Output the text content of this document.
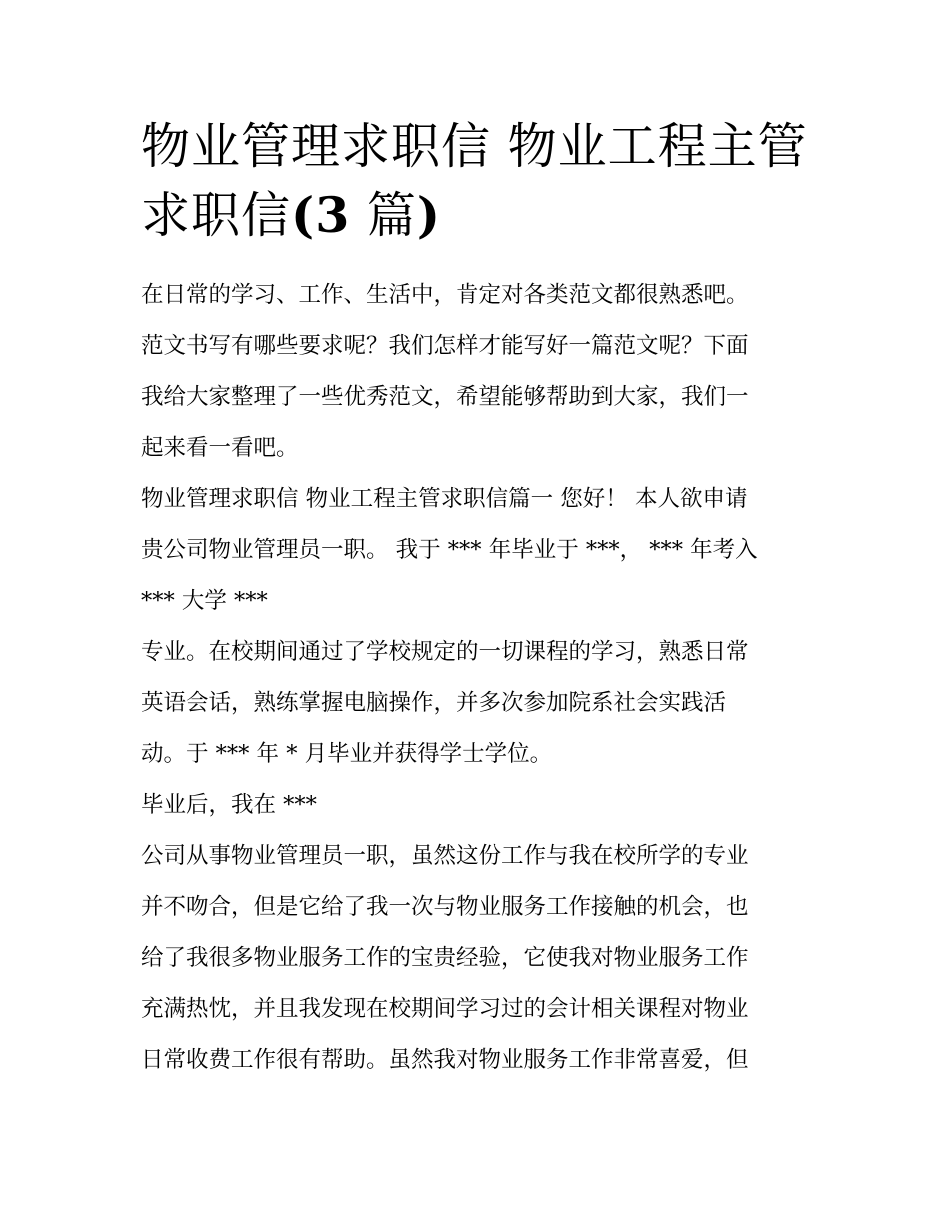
物业管理求职信 物业工程主管
求职信(3 篇)
在日常的学习、工作、生活中，肯定对各类范文都很熟悉吧。
范文书写有哪些要求呢？我们怎样才能写好一篇范文呢？下面
我给大家整理了一些优秀范文，希望能够帮助到大家，我们一
起来看一看吧。
物业管理求职信 物业工程主管求职信篇一 您好！ 本人欲申请
贵公司物业管理员一职。 我于 *** 年毕业于 ***， *** 年考入
*** 大学 ***
专业。在校期间通过了学校规定的一切课程的学习，熟悉日常
英语会话，熟练掌握电脑操作，并多次参加院系社会实践活
动。于 *** 年 * 月毕业并获得学士学位。
毕业后，我在 ***
公司从事物业管理员一职，虽然这份工作与我在校所学的专业
并不吻合，但是它给了我一次与物业服务工作接触的机会，也
给了我很多物业服务工作的宝贵经验，它使我对物业服务工作
充满热忱，并且我发现在校期间学习过的会计相关课程对物业
日常收费工作很有帮助。虽然我对物业服务工作非常喜爱，但
